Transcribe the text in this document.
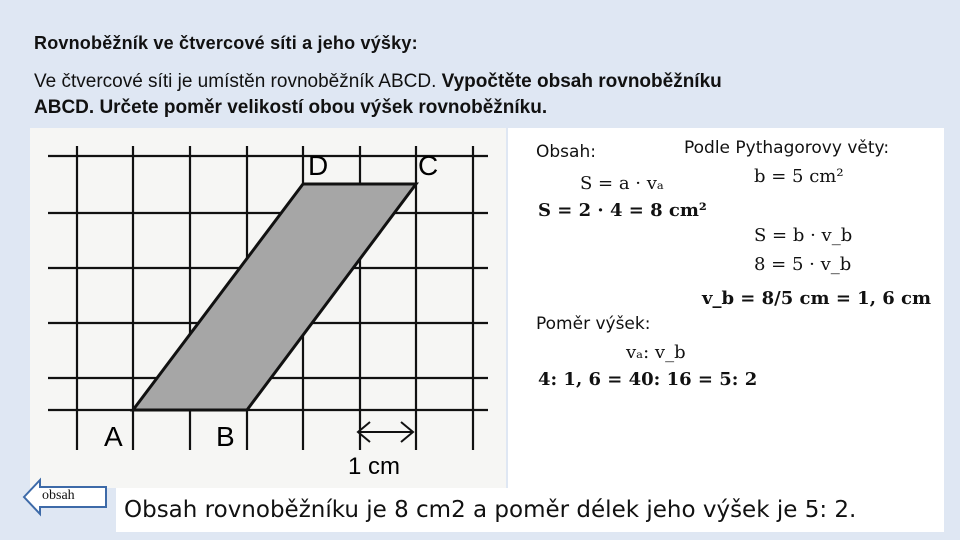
Rovnoběžník ve čtvercové síti a jeho výšky:
Ve čtvercové síti je umístěn rovnoběžník ABCD. Vypočtěte obsah rovnoběžníku
ABCD. Určete poměr velikostí obou výšek rovnoběžníku.
A	B
C
D
1 cm
Obsah:
S = a · vₐ
S = 2 · 4 = 8 cm²
Podle Pythagorovy věty:
b = 5 cm²
S = b · v_b
8 = 5 · v_b
v_b = 8/5 cm = 1, 6 cm
Poměr výšek:
vₐ: v_b
4: 1, 6 = 40: 16 = 5: 2
obsah
Obsah rovnoběžníku je 8 cm2 a poměr délek jeho výšek je 5: 2.
